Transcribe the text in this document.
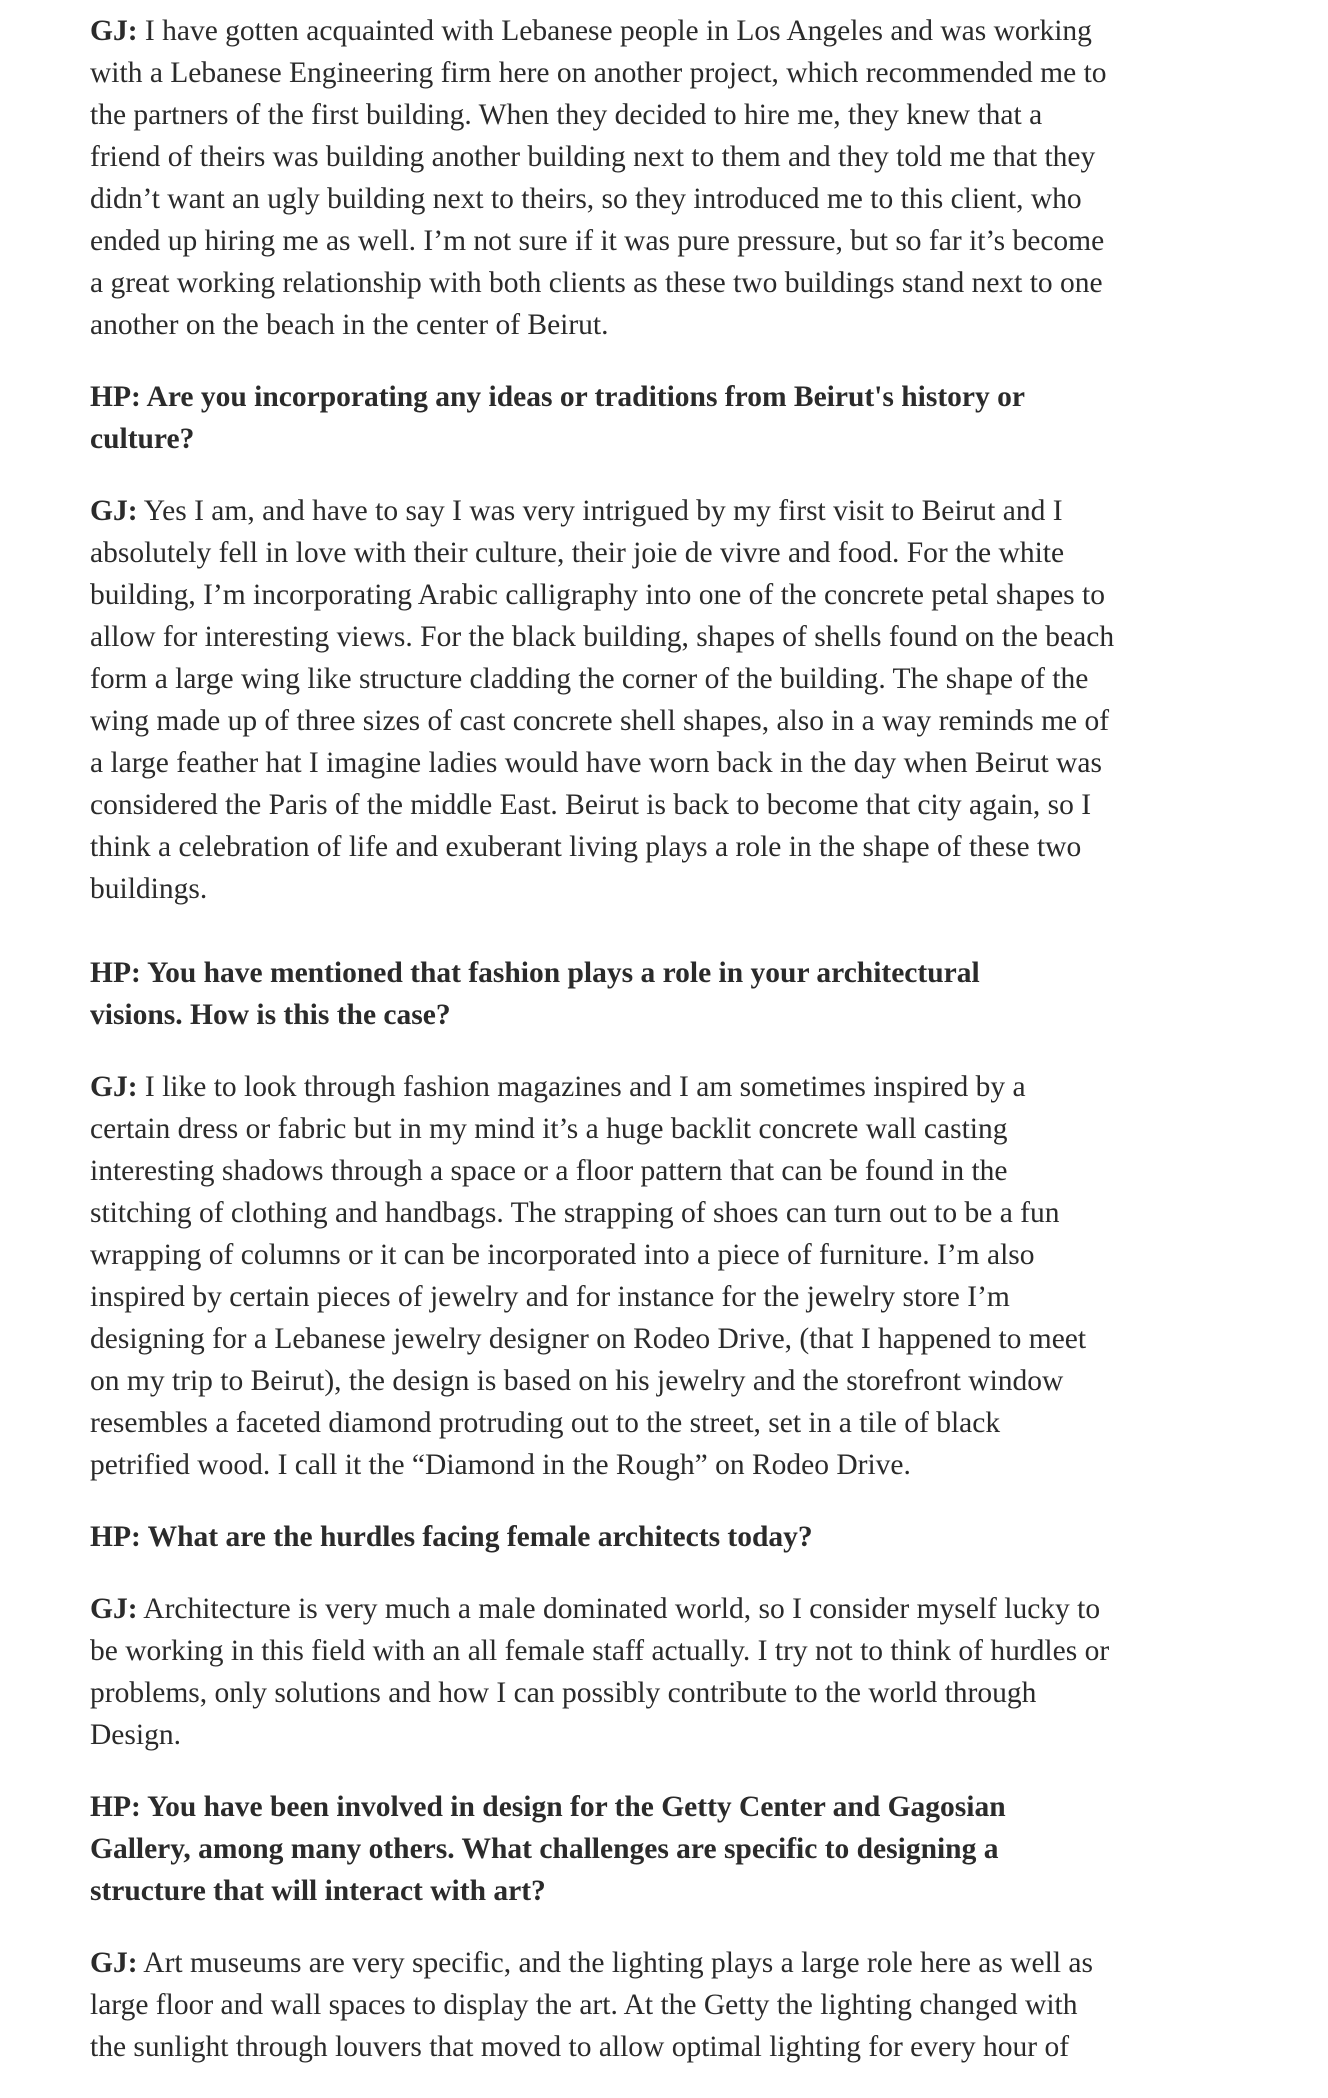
GJ: I have gotten acquainted with Lebanese people in Los Angeles and was working
with a Lebanese Engineering firm here on another project, which recommended me to
the partners of the first building. When they decided to hire me, they knew that a
friend of theirs was building another building next to them and they told me that they
didn’t want an ugly building next to theirs, so they introduced me to this client, who
ended up hiring me as well. I’m not sure if it was pure pressure, but so far it’s become
a great working relationship with both clients as these two buildings stand next to one
another on the beach in the center of Beirut.
HP: Are you incorporating any ideas or traditions from Beirut's history or
culture?
GJ: Yes I am, and have to say I was very intrigued by my first visit to Beirut and I
absolutely fell in love with their culture, their joie de vivre and food. For the white
building, I’m incorporating Arabic calligraphy into one of the concrete petal shapes to
allow for interesting views. For the black building, shapes of shells found on the beach
form a large wing like structure cladding the corner of the building. The shape of the
wing made up of three sizes of cast concrete shell shapes, also in a way reminds me of
a large feather hat I imagine ladies would have worn back in the day when Beirut was
considered the Paris of the middle East. Beirut is back to become that city again, so I
think a celebration of life and exuberant living plays a role in the shape of these two
buildings.
HP: You have mentioned that fashion plays a role in your architectural
visions. How is this the case?
GJ: I like to look through fashion magazines and I am sometimes inspired by a
certain dress or fabric but in my mind it’s a huge backlit concrete wall casting
interesting shadows through a space or a floor pattern that can be found in the
stitching of clothing and handbags. The strapping of shoes can turn out to be a fun
wrapping of columns or it can be incorporated into a piece of furniture. I’m also
inspired by certain pieces of jewelry and for instance for the jewelry store I’m
designing for a Lebanese jewelry designer on Rodeo Drive, (that I happened to meet
on my trip to Beirut), the design is based on his jewelry and the storefront window
resembles a faceted diamond protruding out to the street, set in a tile of black
petrified wood. I call it the “Diamond in the Rough” on Rodeo Drive.
HP: What are the hurdles facing female architects today?
GJ: Architecture is very much a male dominated world, so I consider myself lucky to
be working in this field with an all female staff actually. I try not to think of hurdles or
problems, only solutions and how I can possibly contribute to the world through
Design.
HP: You have been involved in design for the Getty Center and Gagosian
Gallery, among many others. What challenges are specific to designing a
structure that will interact with art?
GJ: Art museums are very specific, and the lighting plays a large role here as well as
large floor and wall spaces to display the art. At the Getty the lighting changed with
the sunlight through louvers that moved to allow optimal lighting for every hour of
